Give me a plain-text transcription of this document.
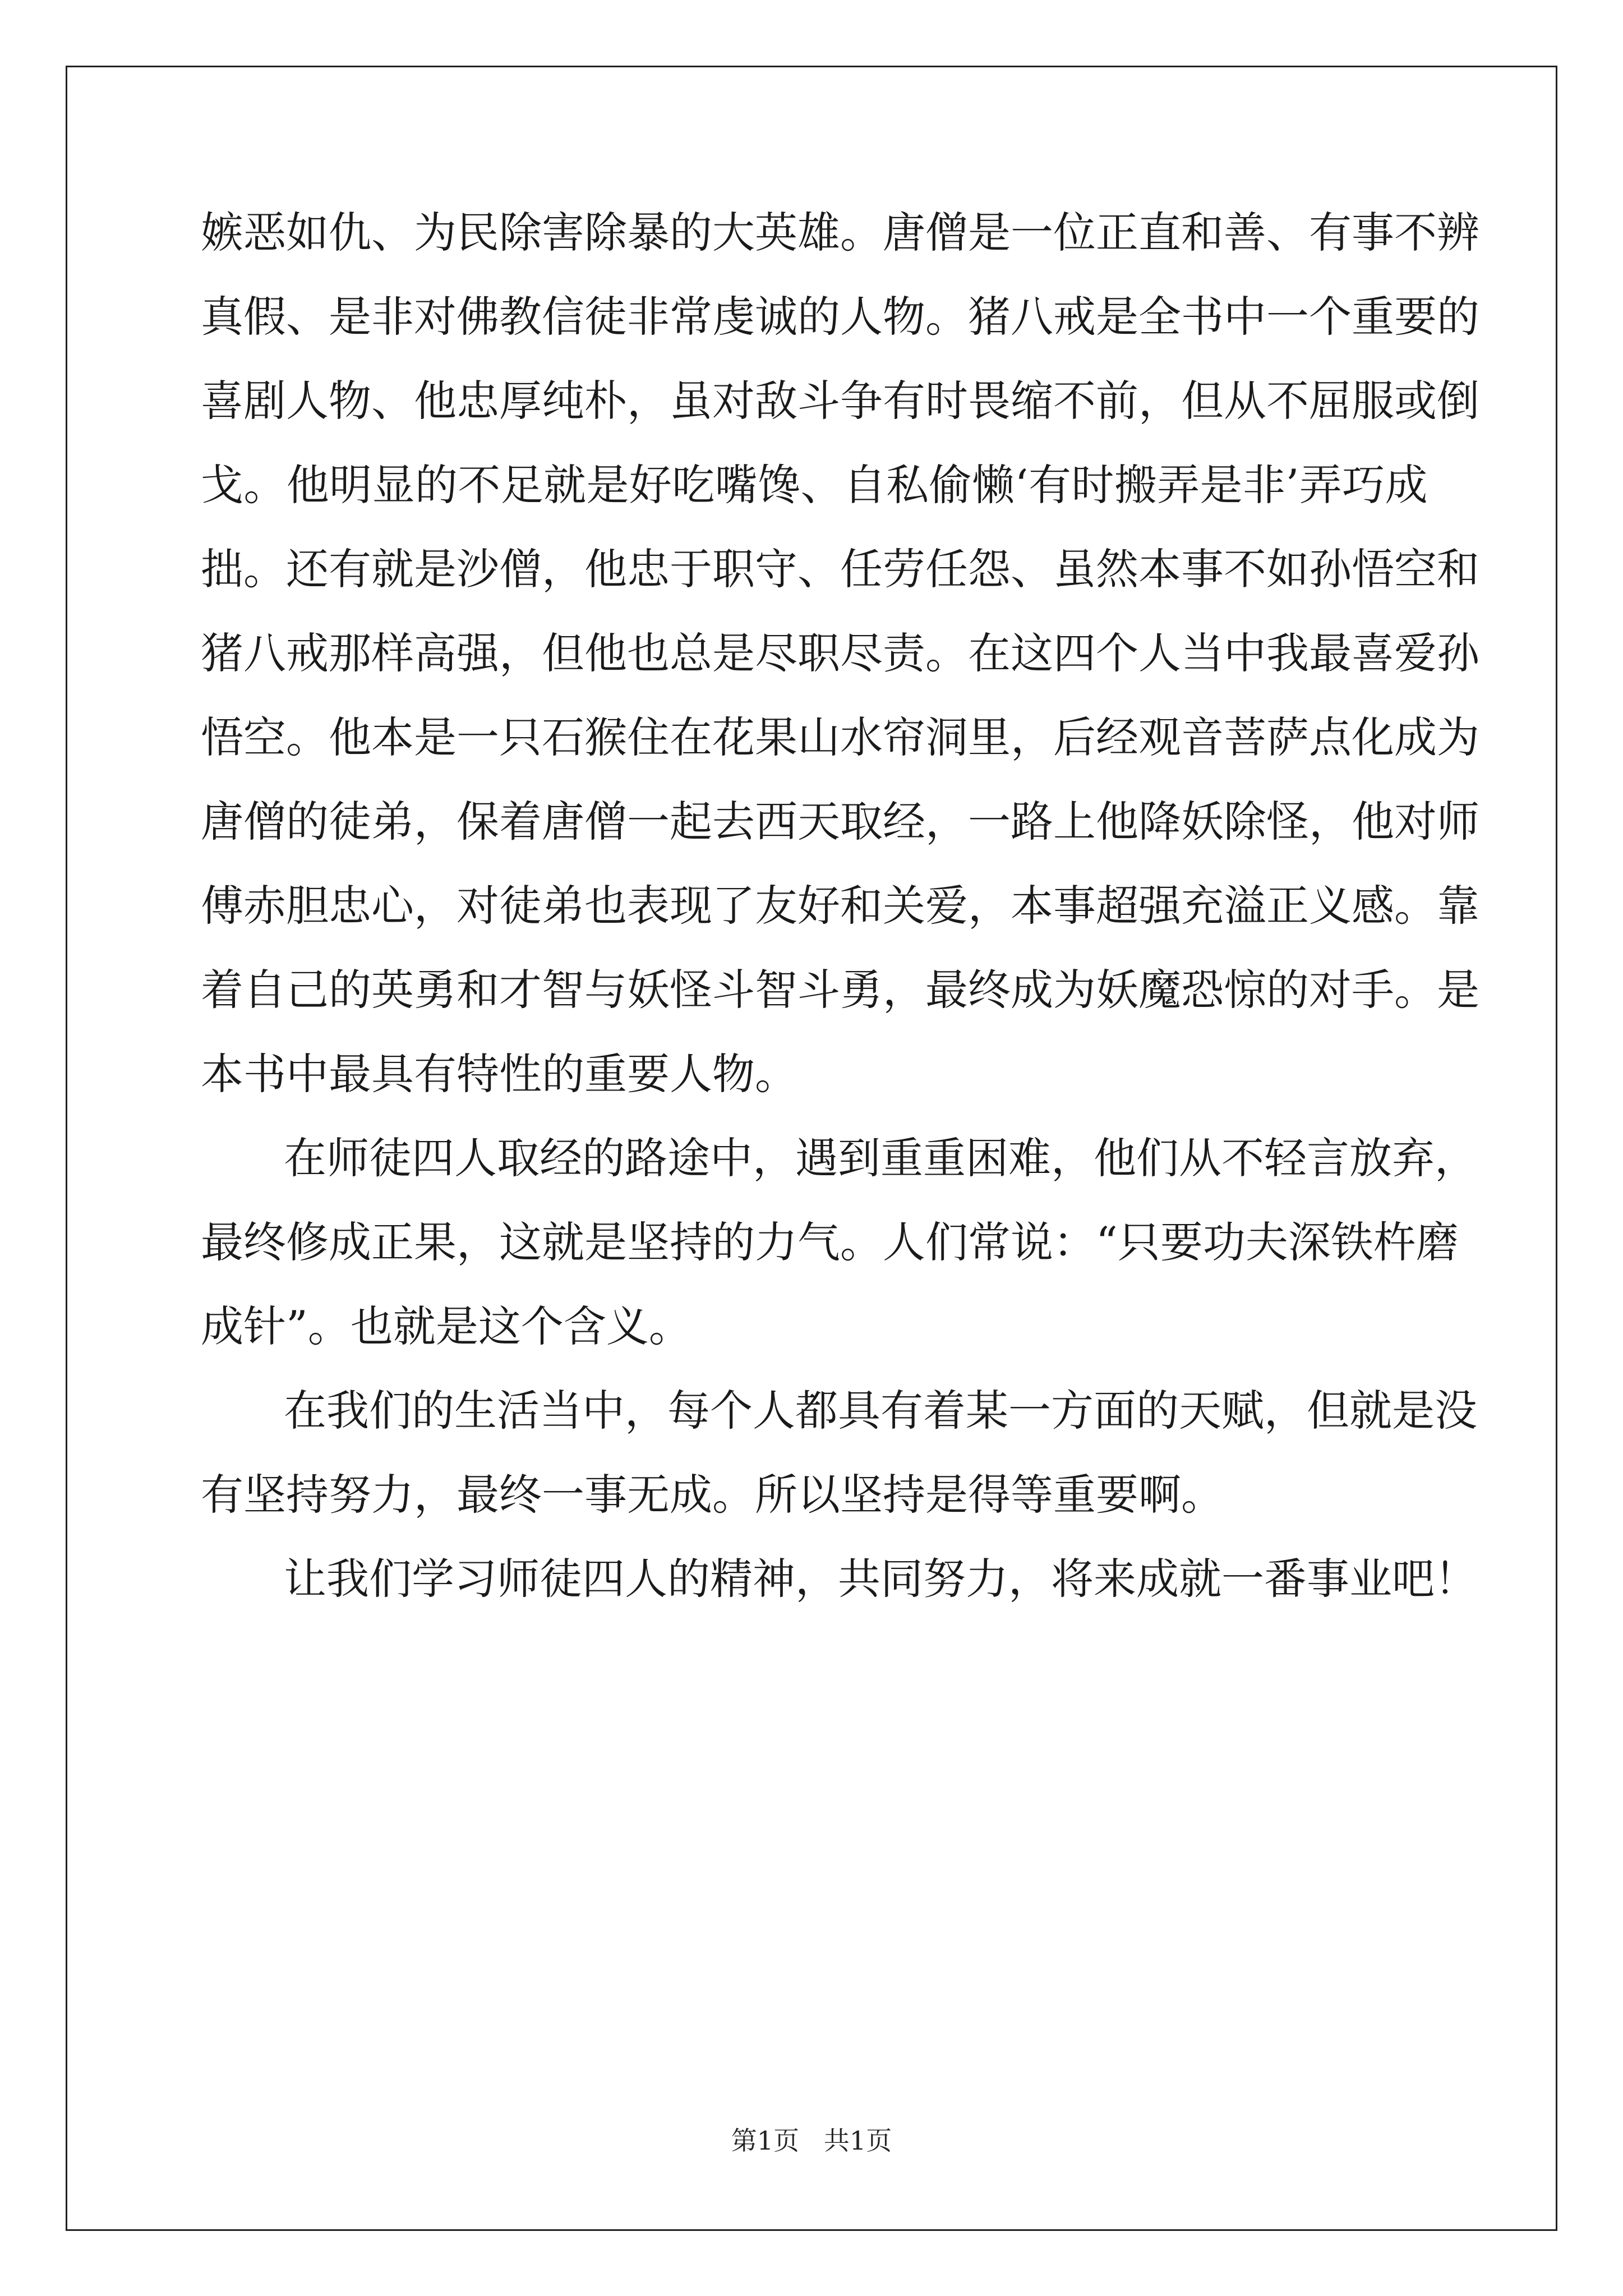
嫉 恶 如 仇 、 为 民 除 害 除 暴 的 大 英 雄 。 唐 僧 是 一 位 正 直 和 善 、 有 事 不 辨
真 假 、 是 非 对 佛 教 信 徒 非 常 虔 诚 的 人 物 。 猪 八 戒 是 全 书 中 一 个 重 要 的
喜 剧 人 物 、 他 忠 厚 纯 朴 ， 虽 对 敌 斗 争 有 时 畏 缩 不 前 ， 但 从 不 屈 服 或 倒
戈 。 他 明 显 的 不 足 就 是 好 吃 嘴 馋 、 自 私 偷 懒 ‘ 有 时 搬 弄 是 非 ’ 弄 巧 成
拙 。 还 有 就 是 沙 僧 ， 他 忠 于 职 守 、 任 劳 任 怨 、 虽 然 本 事 不 如 孙 悟 空 和
猪 八 戒 那 样 高 强 ， 但 他 也 总 是 尽 职 尽 责 。 在 这 四 个 人 当 中 我 最 喜 爱 孙
悟 空 。 他 本 是 一 只 石 猴 住 在 花 果 山 水 帘 洞 里 ， 后 经 观 音 菩 萨 点 化 成 为
唐 僧 的 徒 弟 ， 保 着 唐 僧 一 起 去 西 天 取 经 ， 一 路 上 他 降 妖 除 怪 ， 他 对 师
傅 赤 胆 忠 心 ， 对 徒 弟 也 表 现 了 友 好 和 关 爱 ， 本 事 超 强 充 溢 正 义 感 。 靠
着 自 己 的 英 勇 和 才 智 与 妖 怪 斗 智 斗 勇 ， 最 终 成 为 妖 魔 恐 惊 的 对 手 。 是
本书中最具有特性的重要人物。
在师徒四人取经的路途中，遇到重重困难，他们从不轻言放弃，
最 终 修 成 正 果 ， 这 就 是 坚 持 的 力 气 。 人 们 常 说 ： “ 只 要 功 夫 深 铁 杵 磨
成针”。也就是这个含义。
在我们的生活当中，每个人都具有着某一方面的天赋，但就是没
有坚持努力，最终一事无成。所以坚持是得等重要啊。
让我们学习师徒四人的精神，共同努力，将来成就一番事业吧！
第1页   共1页
